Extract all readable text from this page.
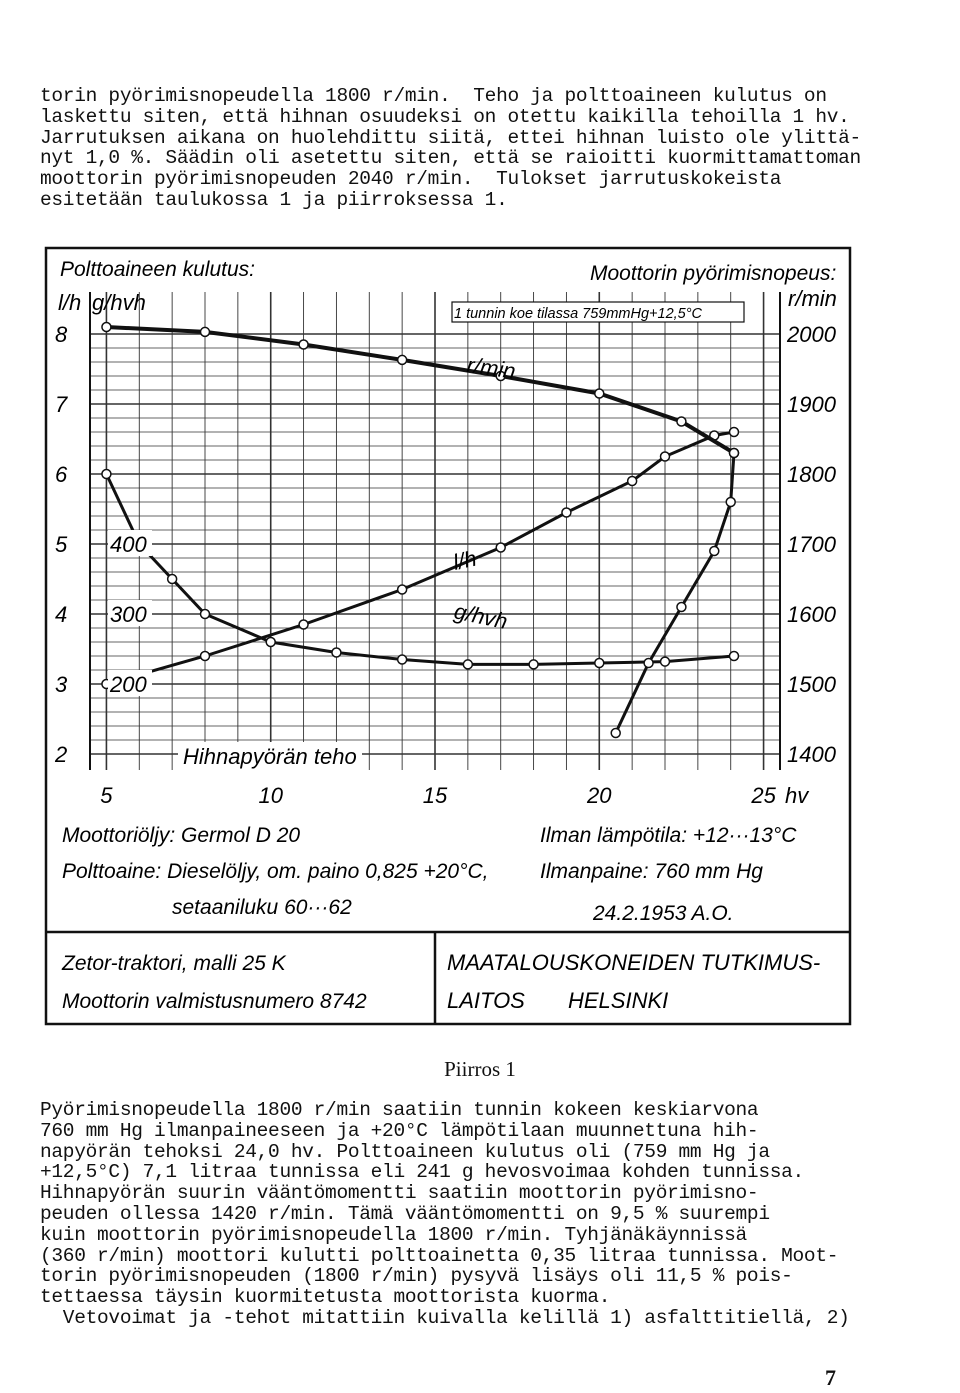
torin pyörimisnopeudella 1800 r/min.  Teho ja polttoaineen kulutus on
laskettu siten, että hihnan osuudeksi on otettu kaikilla tehoilla 1 hv.
Jarrutuksen aikana on huolehdittu siitä, ettei hihnan luisto ole ylittä-
nyt 1,0 %. Säädin oli asetettu siten, että se raioitti kuormittamattoman
moottorin pyörimisnopeuden 2040 r/min.  Tulokset jarrutuskokeista
esitetään taulukossa 1 ja piirroksessa 1.
2
3
4
5
6
7
8
200
300
400
1400
1500
1600
1700
1800
1900
2000
5	10	15	20	25
Polttoaineen kulutus:	Moottorin pyörimisnopeus:
l/h g/hvh	r/min
1 tunnin koe tilassa 759mmHg+12,5°C
r/min
l/h
g/hvh
Hihnapyörän teho
hv
Moottoriöljy: Germol D 20
Polttoaine: Dieselöljy, om. paino 0,825 +20°C,
setaaniluku 60···62
Ilman lämpötila: +12···13°C
Ilmanpaine: 760 mm Hg
24.2.1953 A.O.
Zetor-traktori, malli 25 K
Moottorin valmistusnumero 8742
MAATALOUSKONEIDEN TUTKIMUS-
LAITOS HELSINKI
Piirros 1
Pyörimisnopeudella 1800 r/min saatiin tunnin kokeen keskiarvona
760 mm Hg ilmanpaineeseen ja +20°C lämpötilaan muunnettuna hih-
napyörän tehoksi 24,0 hv. Polttoaineen kulutus oli (759 mm Hg ja
+12,5°C) 7,1 litraa tunnissa eli 241 g hevosvoimaa kohden tunnissa.
Hihnapyörän suurin vääntömomentti saatiin moottorin pyörimisno-
peuden ollessa 1420 r/min. Tämä vääntömomentti on 9,5 % suurempi
kuin moottorin pyörimisnopeudella 1800 r/min. Tyhjänäkäynnissä
(360 r/min) moottori kulutti polttoainetta 0,35 litraa tunnissa. Moot-
torin pyörimisnopeuden (1800 r/min) pysyvä lisäys oli 11,5 % pois-
tettaessa täysin kuormitetusta moottorista kuorma.
Vetovoimat ja -tehot mitattiin kuivalla kelillä 1) asfalttitiellä, 2)
7
